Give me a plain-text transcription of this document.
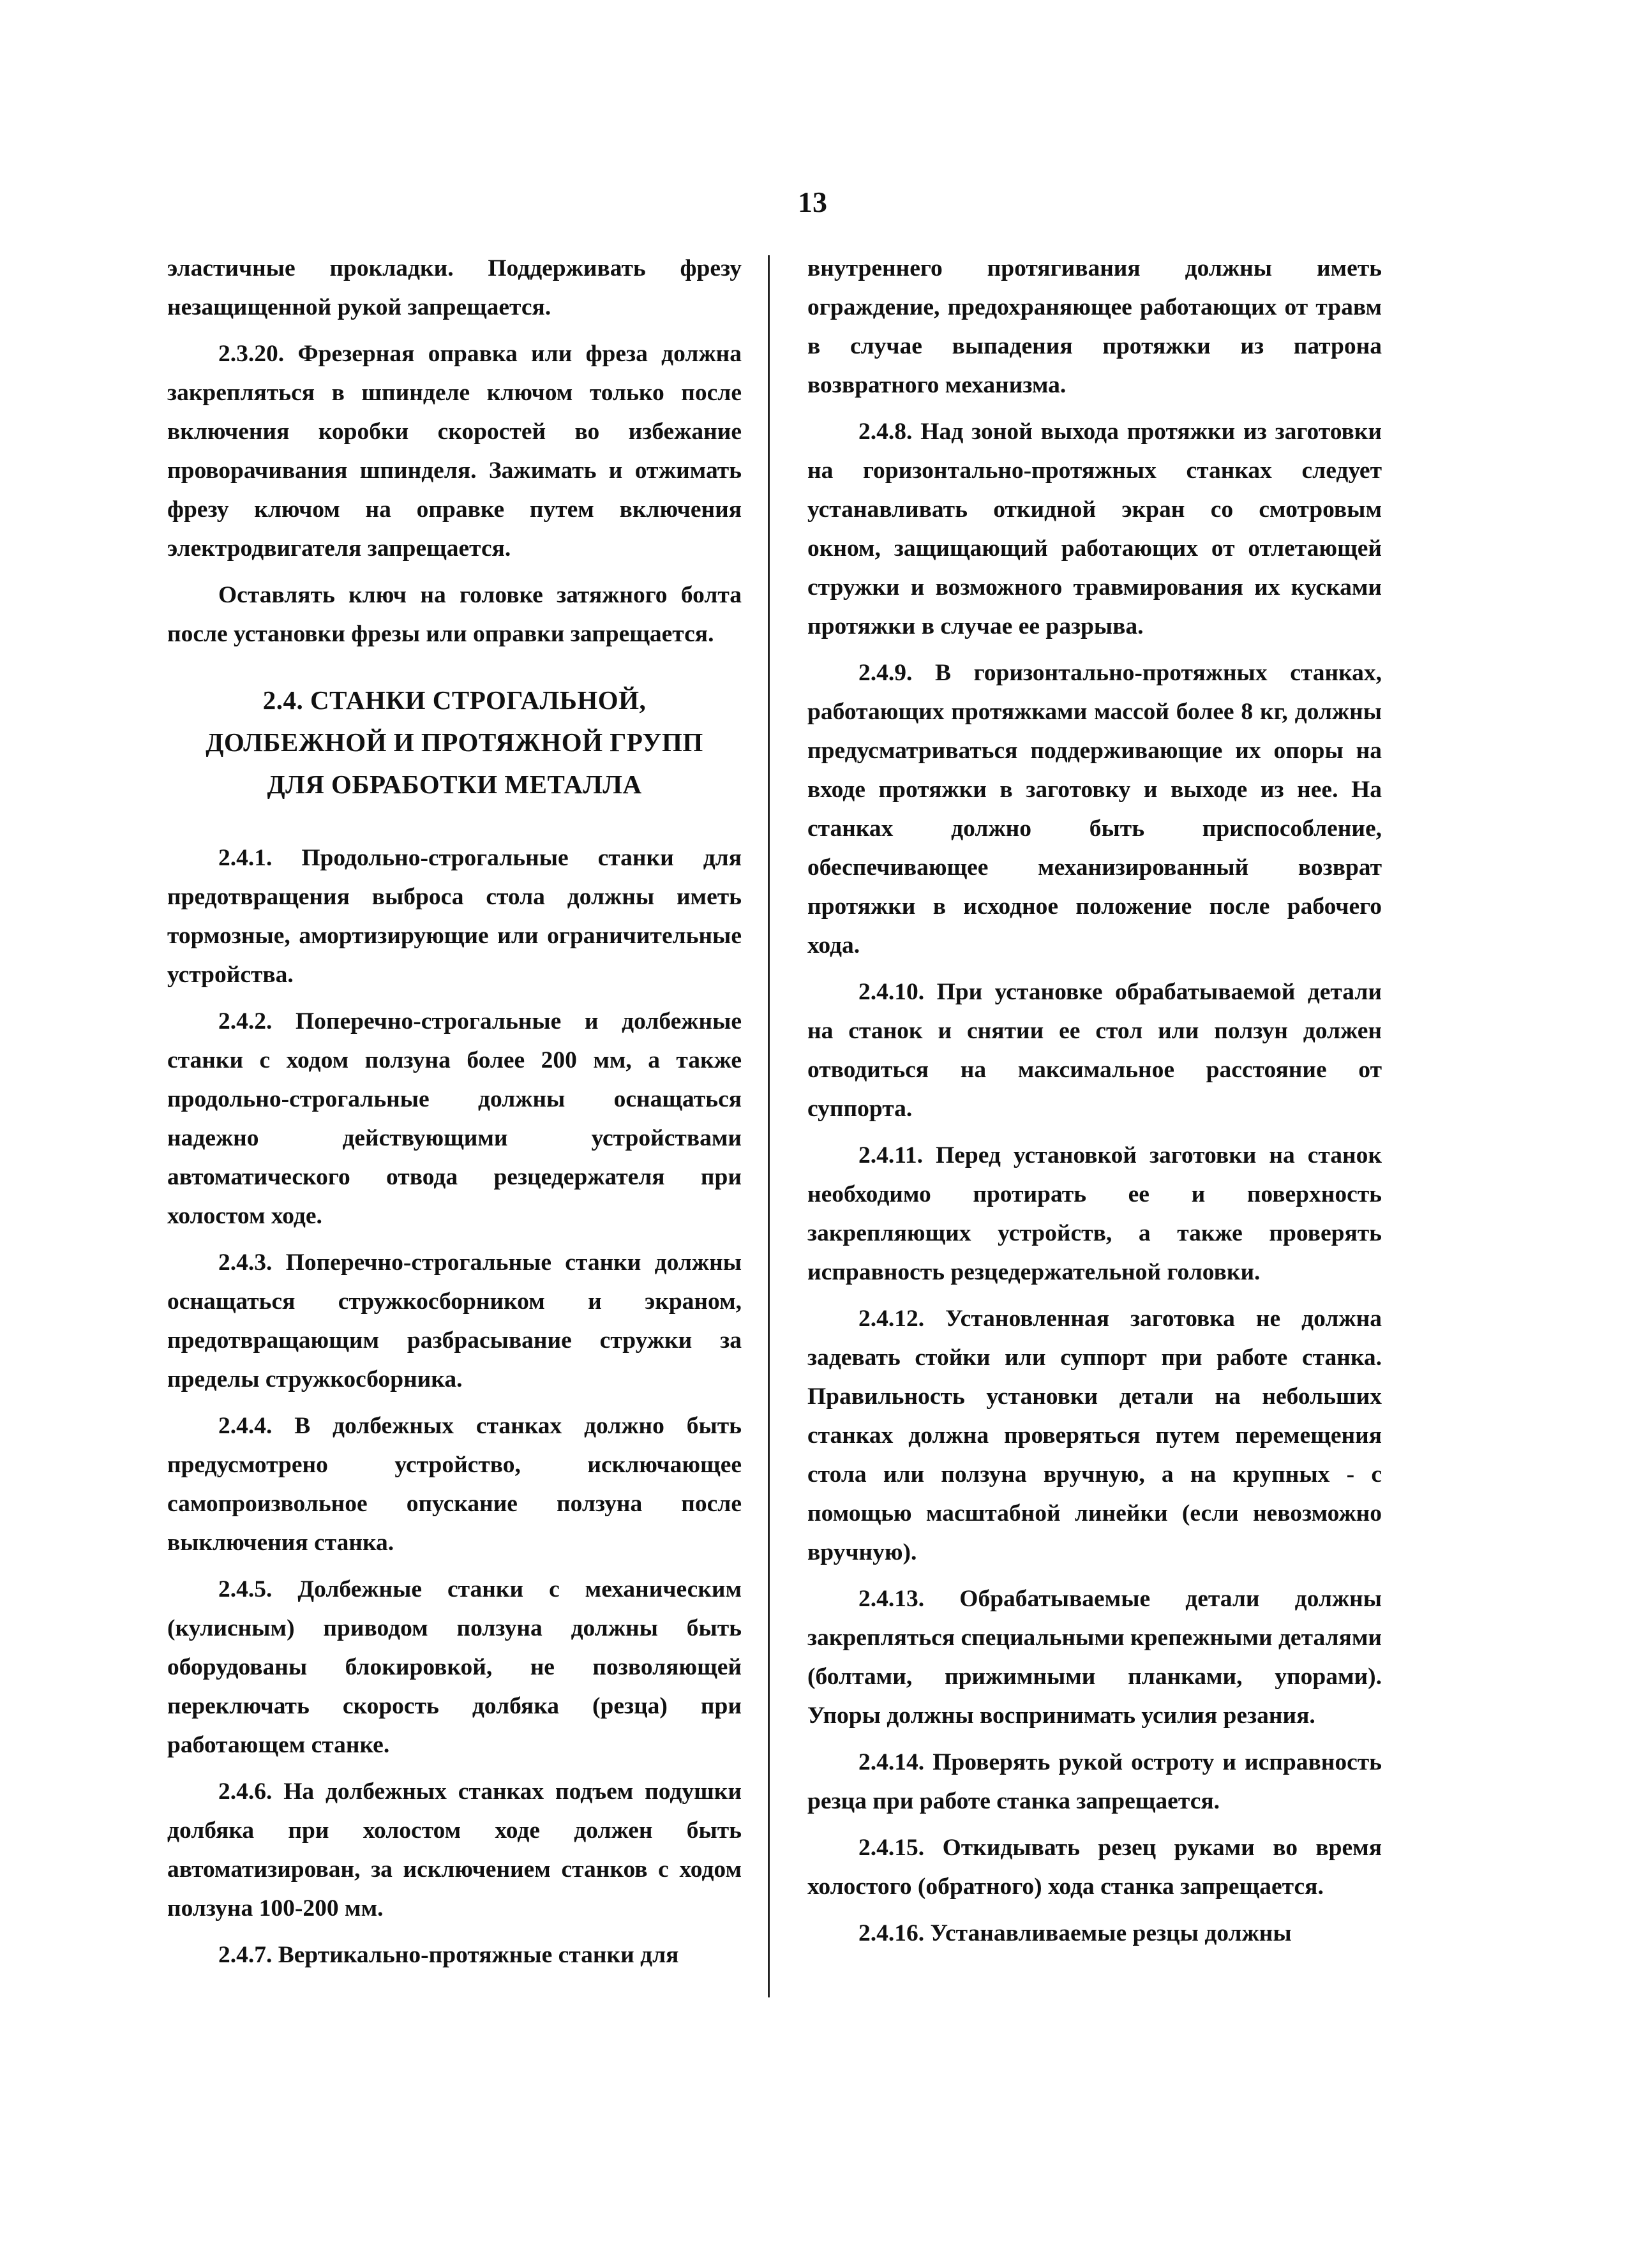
13

эластичные прокладки. Поддерживать фрезу незащищенной рукой запрещается.

2.3.20. Фрезерная оправка или фреза должна закрепляться в шпинделе ключом только после включения коробки скоростей во избежание проворачивания шпинделя. Зажимать и отжимать фрезу ключом на оправке путем включения электродвигателя запрещается.

Оставлять ключ на головке затяжного болта после установки фрезы или оправки запрещается.

2.4. СТАНКИ СТРОГАЛЬНОЙ,
ДОЛБЕЖНОЙ И ПРОТЯЖНОЙ ГРУПП
ДЛЯ ОБРАБОТКИ МЕТАЛЛА

2.4.1. Продольно-строгальные станки для предотвращения выброса стола должны иметь тормозные, амортизирующие или ограничительные устройства.

2.4.2. Поперечно-строгальные и долбежные станки с ходом ползуна более 200 мм, а также продольно-строгальные должны оснащаться надежно действующими устройствами автоматического отвода резцедержателя при холостом ходе.

2.4.3. Поперечно-строгальные станки должны оснащаться стружкосборником и экраном, предотвращающим разбрасывание стружки за пределы стружкосборника.

2.4.4. В долбежных станках должно быть предусмотрено устройство, исключающее самопроизвольное опускание ползуна после выключения станка.

2.4.5. Долбежные станки с механическим (кулисным) приводом ползуна должны быть оборудованы блокировкой, не позволяющей переключать скорость долбяка (резца) при работающем станке.

2.4.6. На долбежных станках подъем подушки долбяка при холостом ходе должен быть автоматизирован, за исключением станков с ходом ползуна 100-200 мм.

2.4.7. Вертикально-протяжные станки для

внутреннего протягивания должны иметь ограждение, предохраняющее работающих от травм в случае выпадения протяжки из патрона возвратного механизма.

2.4.8. Над зоной выхода протяжки из заготовки на горизонтально-протяжных станках следует устанавливать откидной экран со смотровым окном, защищающий работающих от отлетающей стружки и возможного травмирования их кусками протяжки в случае ее разрыва.

2.4.9. В горизонтально-протяжных станках, работающих протяжками массой более 8 кг, должны предусматриваться поддерживающие их опоры на входе протяжки в заготовку и выходе из нее. На станках должно быть приспособление, обеспечивающее механизированный возврат протяжки в исходное положение после рабочего хода.

2.4.10. При установке обрабатываемой детали на станок и снятии ее стол или ползун должен отводиться на максимальное расстояние от суппорта.

2.4.11. Перед установкой заготовки на станок необходимо протирать ее и поверхность закрепляющих устройств, а также проверять исправность резцедержательной головки.

2.4.12. Установленная заготовка не должна задевать стойки или суппорт при работе станка. Правильность установки детали на небольших станках должна проверяться путем перемещения стола или ползуна вручную, а на крупных - с помощью масштабной линейки (если невозможно вручную).

2.4.13. Обрабатываемые детали должны закрепляться специальными крепежными деталями (болтами, прижимными планками, упорами). Упоры должны воспринимать усилия резания.

2.4.14. Проверять рукой остроту и исправность резца при работе станка запрещается.

2.4.15. Откидывать резец руками во время холостого (обратного) хода станка запрещается.

2.4.16. Устанавливаемые резцы должны
